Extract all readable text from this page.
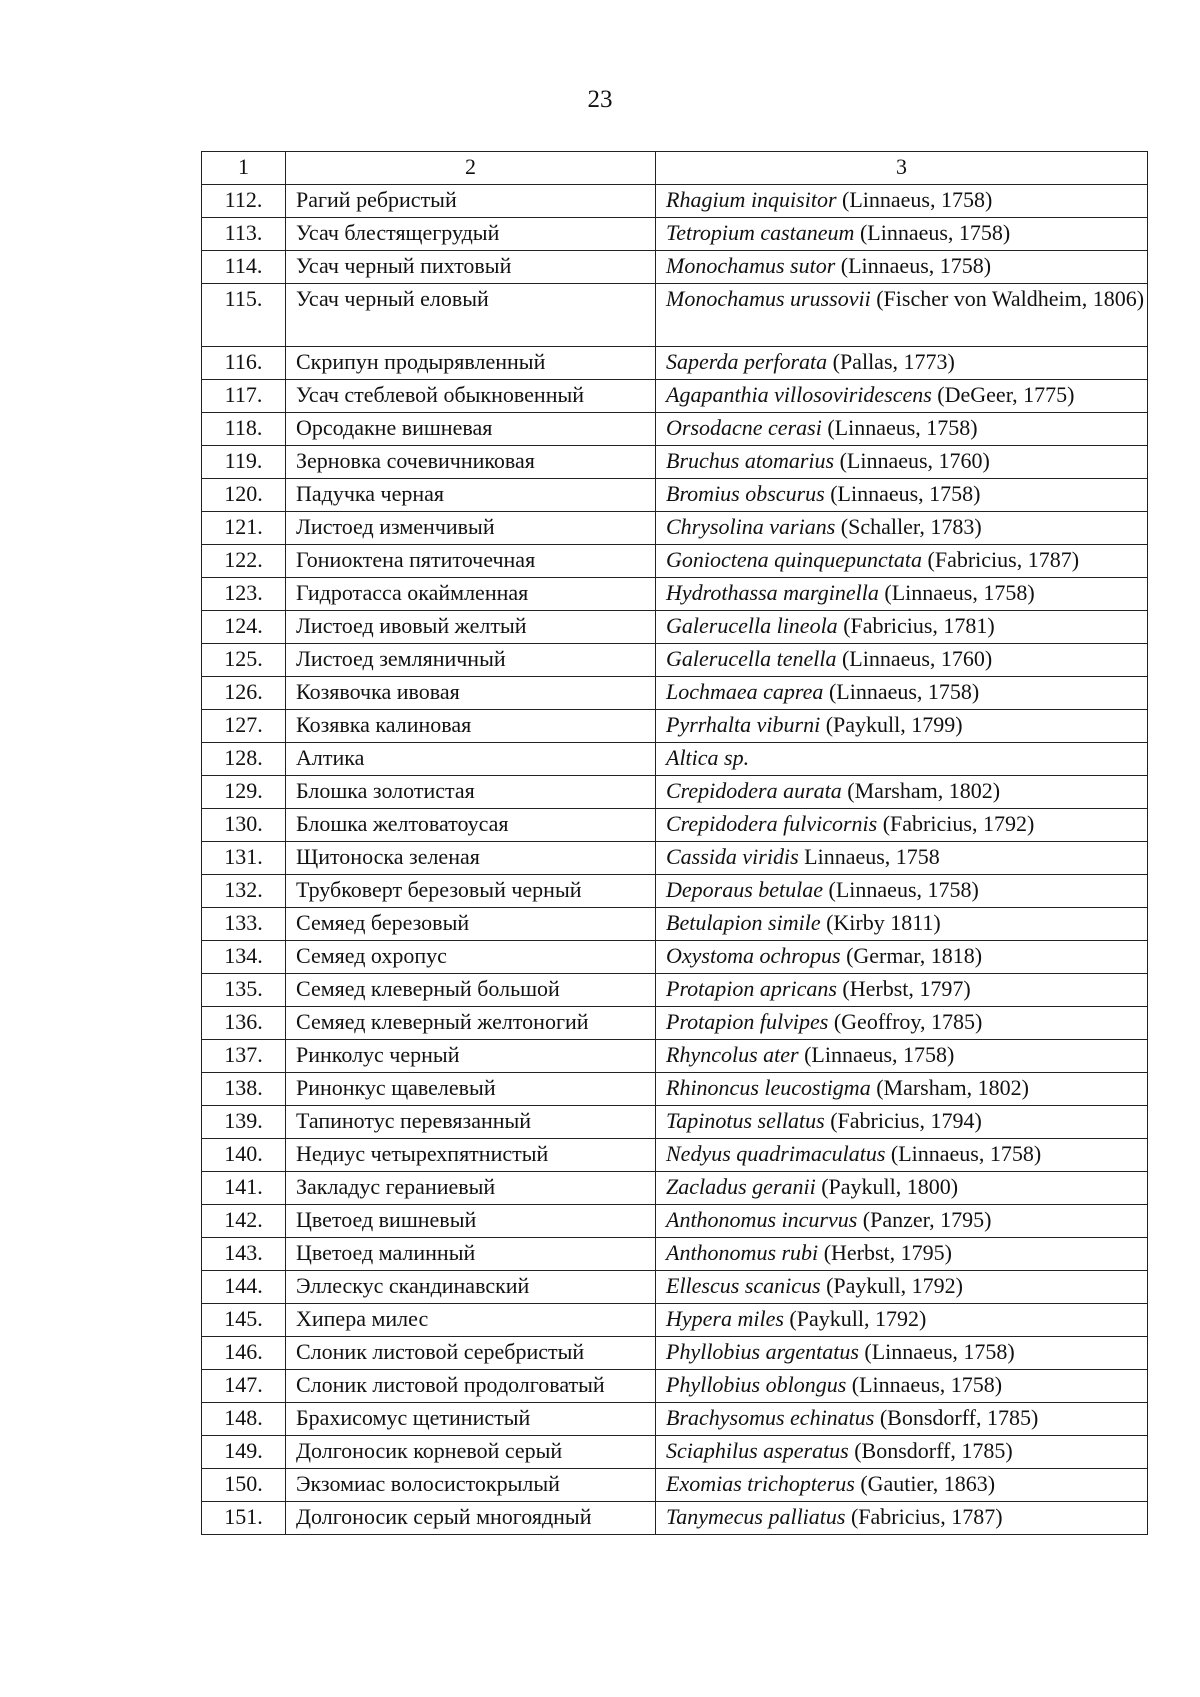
23
1	2	3
112.	Рагий ребристый	Rhagium inquisitor (Linnaeus, 1758)
113.	Усач блестящегрудый	Tetropium castaneum (Linnaeus, 1758)
114.	Усач черный пихтовый	Monochamus sutor (Linnaeus, 1758)
115.	Усач черный еловый	Monochamus urussovii (Fischer von Waldheim, 1806)
116.	Скрипун продырявленный	Saperda perforata (Pallas, 1773)
117.	Усач стеблевой обыкновенный	Agapanthia villosoviridescens (DeGeer, 1775)
118.	Орсодакне вишневая	Orsodacne cerasi (Linnaeus, 1758)
119.	Зерновка сочевичниковая	Bruchus atomarius (Linnaeus, 1760)
120.	Падучка черная	Bromius obscurus (Linnaeus, 1758)
121.	Листоед изменчивый	Chrysolina varians (Schaller, 1783)
122.	Гониоктена пятиточечная	Gonioctena quinquepunctata (Fabricius, 1787)
123.	Гидротасса окаймленная	Hydrothassa marginella (Linnaeus, 1758)
124.	Листоед ивовый желтый	Galerucella lineola (Fabricius, 1781)
125.	Листоед земляничный	Galerucella tenella (Linnaeus, 1760)
126.	Козявочка ивовая	Lochmaea caprea (Linnaeus, 1758)
127.	Козявка калиновая	Pyrrhalta viburni (Paykull, 1799)
128.	Алтика	Altica sp.
129.	Блошка золотистая	Crepidodera aurata (Marsham, 1802)
130.	Блошка желтоватоусая	Crepidodera fulvicornis (Fabricius, 1792)
131.	Щитоноска зеленая	Cassida viridis Linnaeus, 1758
132.	Трубковерт березовый черный	Deporaus betulae (Linnaeus, 1758)
133.	Семяед березовый	Betulapion simile (Kirby 1811)
134.	Семяед охропус	Oxystoma ochropus (Germar, 1818)
135.	Семяед клеверный большой	Protapion apricans (Herbst, 1797)
136.	Семяед клеверный желтоногий	Protapion fulvipes (Geoffroy, 1785)
137.	Ринколус черный	Rhyncolus ater (Linnaeus, 1758)
138.	Ринонкус щавелевый	Rhinoncus leucostigma (Marsham, 1802)
139.	Тапинотус перевязанный	Tapinotus sellatus (Fabricius, 1794)
140.	Недиус четырехпятнистый	Nedyus quadrimaculatus (Linnaeus, 1758)
141.	Закладус гераниевый	Zacladus geranii (Paykull, 1800)
142.	Цветоед вишневый	Anthonomus incurvus (Panzer, 1795)
143.	Цветоед малинный	Anthonomus rubi (Herbst, 1795)
144.	Эллескус скандинавский	Ellescus scanicus (Paykull, 1792)
145.	Хипера милес	Hypera miles (Paykull, 1792)
146.	Слоник листовой серебристый	Phyllobius argentatus (Linnaeus, 1758)
147.	Слоник листовой продолговатый	Phyllobius oblongus (Linnaeus, 1758)
148.	Брахисомус щетинистый	Brachysomus echinatus (Bonsdorff, 1785)
149.	Долгоносик корневой серый	Sciaphilus asperatus (Bonsdorff, 1785)
150.	Экзомиас волосистокрылый	Exomias trichopterus (Gautier, 1863)
151.	Долгоносик серый многоядный	Tanymecus palliatus (Fabricius, 1787)
